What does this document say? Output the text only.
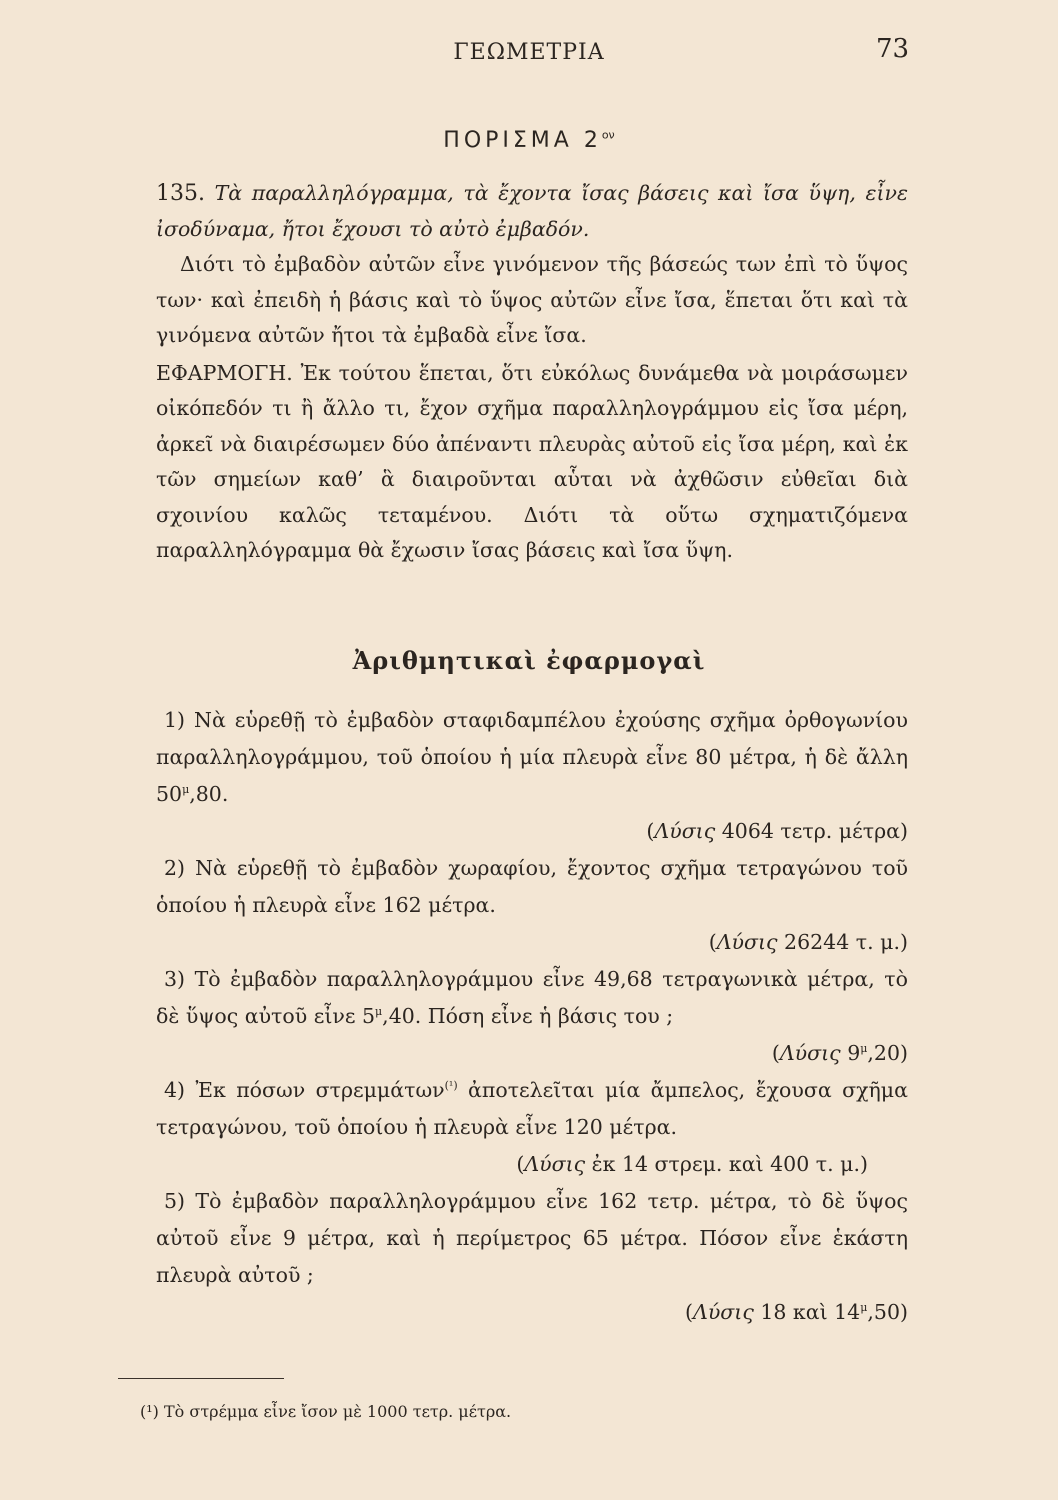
ΓΕΩΜΕΤΡΙΑ	73
ΠΟΡΙΣΜΑ $2^{o\nu}$

135. Τὰ παραλληλόγραμμα, τὰ ἔχοντα ἴσας βάσεις καὶ ἴσα ὕψη, εἶνε ἰσοδύναμα, ἤτοι ἔχουσι τὸ αὐτὸ ἐμβαδόν.

Διότι τὸ ἐμβαδὸν αὐτῶν εἶνε γινόμενον τῆς βάσεώς των ἐπὶ τὸ ὕψος των· καὶ ἐπειδὴ ἡ βάσις καὶ τὸ ὕψος αὐτῶν εἶνε ἴσα, ἕπεται ὅτι καὶ τὰ γινόμενα αὐτῶν ἤτοι τὰ ἐμβαδὰ εἶνε ἴσα.

ΕΦΑΡΜΟΓΗ. Ἐκ τούτου ἕπεται, ὅτι εὐκόλως δυνάμεθα νὰ μοιράσωμεν οἰκόπεδόν τι ἢ ἄλλο τι, ἔχον σχῆμα παραλληλογράμμου εἰς ἴσα μέρη, ἀρκεῖ νὰ διαιρέσωμεν δύο ἀπέναντι πλευρὰς αὐτοῦ εἰς ἴσα μέρη, καὶ ἐκ τῶν σημείων καθ’ ἃ διαιροῦνται αὗται νὰ ἀχθῶσιν εὐθεῖαι διὰ σχοινίου καλῶς τεταμένου. Διότι τὰ οὕτω σχηματιζόμενα παραλληλόγραμμα θὰ ἔχωσιν ἴσας βάσεις καὶ ἴσα ὕψη.

Ἀριθμητικαὶ ἐφαρμογαὶ

1) Νὰ εὑρεθῇ τὸ ἐμβαδὸν σταφιδαμπέλου ἐχούσης σχῆμα ὀρθογωνίου παραλληλογράμμου, τοῦ ὁποίου ἡ μία πλευρὰ εἶνε 80 μέτρα, ἡ δὲ ἄλλη $50^\mu,80$.

(Λύσις 4064 τετρ. μέτρα)

2) Νὰ εὑρεθῇ τὸ ἐμβαδὸν χωραφίου, ἔχοντος σχῆμα τετραγώνου τοῦ ὁποίου ἡ πλευρὰ εἶνε 162 μέτρα.

(Λύσις 26244 τ. μ.)

3) Τὸ ἐμβαδὸν παραλληλογράμμου εἶνε 49,68 τετραγωνικὰ μέτρα, τὸ δὲ ὕψος αὐτοῦ εἶνε $5^\mu,40$. Πόση εἶνε ἡ βάσις του ;

(Λύσις $9^\mu,20$)

4) Ἐκ πόσων στρεμμάτων$^{(^1)}$ ἀποτελεῖται μία ἄμπελος, ἔχουσα σχῆμα τετραγώνου, τοῦ ὁποίου ἡ πλευρὰ εἶνε 120 μέτρα.

(Λύσις ἐκ 14 στρεμ. καὶ 400 τ. μ.)

5) Τὸ ἐμβαδὸν παραλληλογράμμου εἶνε 162 τετρ. μέτρα, τὸ δὲ ὕψος αὐτοῦ εἶνε 9 μέτρα, καὶ ἡ περίμετρος 65 μέτρα. Πόσον εἶνε ἑκάστη πλευρὰ αὐτοῦ ;

(Λύσις 18 καὶ $14^\mu,50$)

(¹) Τὸ στρέμμα εἶνε ἴσον μὲ 1000 τετρ. μέτρα.
